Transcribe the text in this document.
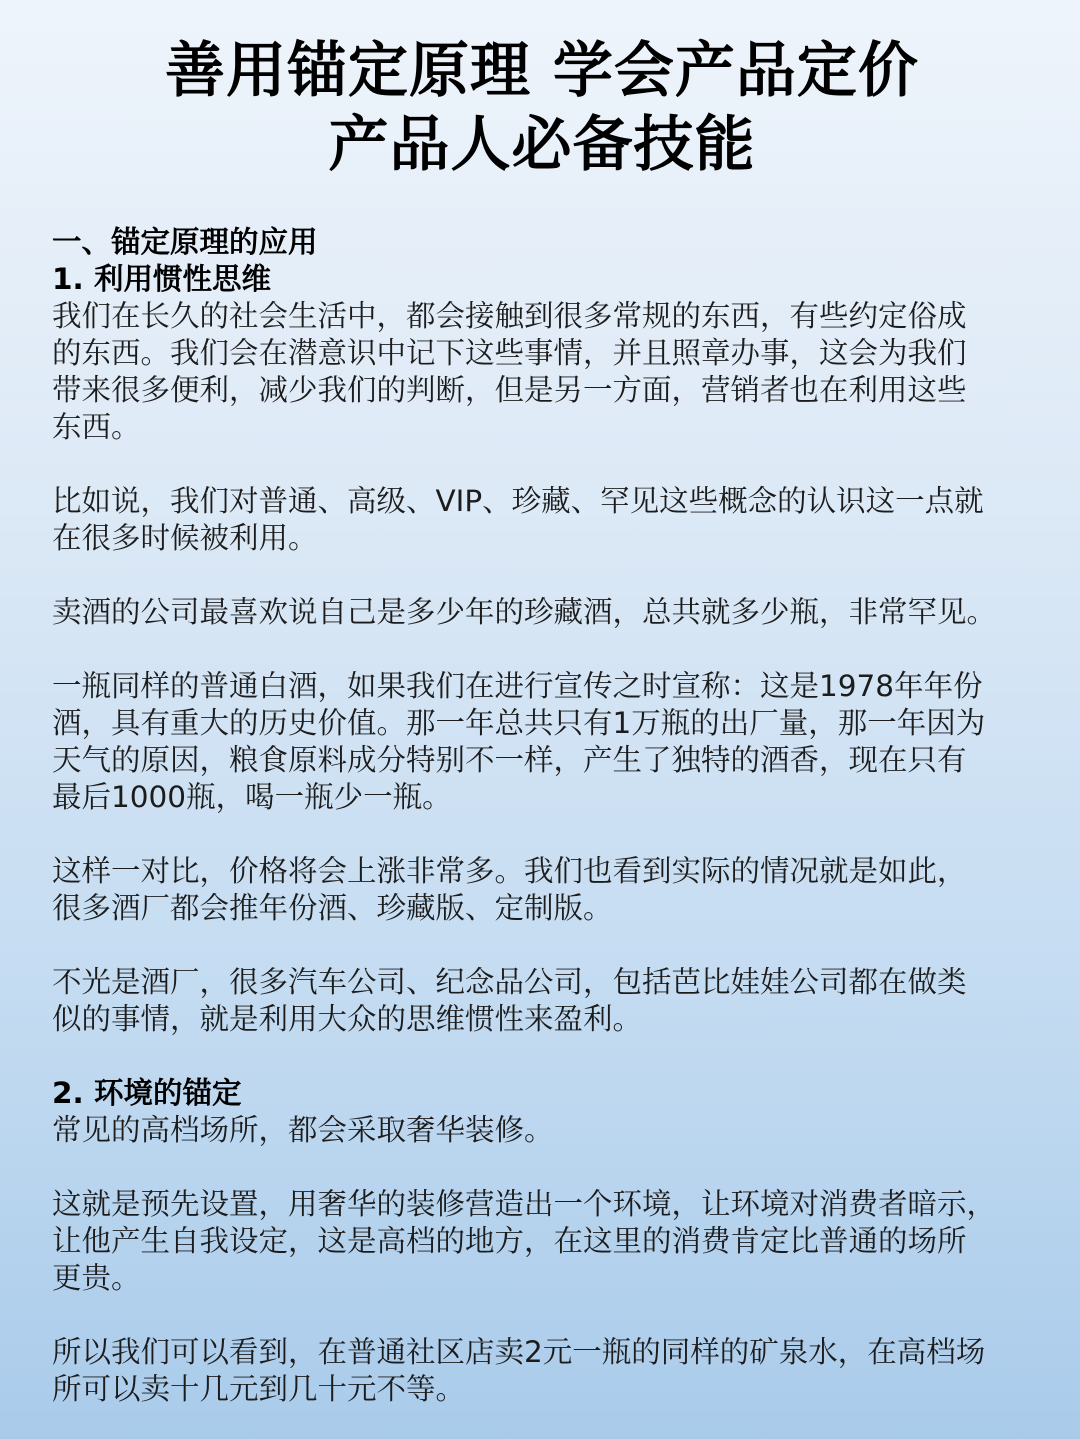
善用锚定原理 学会产品定价
产品人必备技能
一、锚定原理的应用
1. 利用惯性思维
我们在长久的社会生活中，都会接触到很多常规的东西，有些约定俗成
的东西。我们会在潜意识中记下这些事情，并且照章办事，这会为我们
带来很多便利，减少我们的判断，但是另一方面，营销者也在利用这些
东西。
比如说，我们对普通、高级、VIP、珍藏、罕见这些概念的认识这一点就
在很多时候被利用。
卖酒的公司最喜欢说自己是多少年的珍藏酒，总共就多少瓶，非常罕见。
一瓶同样的普通白酒，如果我们在进行宣传之时宣称：这是1978年年份
酒，具有重大的历史价值。那一年总共只有1万瓶的出厂量，那一年因为
天气的原因，粮食原料成分特别不一样，产生了独特的酒香，现在只有
最后1000瓶，喝一瓶少一瓶。
这样一对比，价格将会上涨非常多。我们也看到实际的情况就是如此，
很多酒厂都会推年份酒、珍藏版、定制版。
不光是酒厂，很多汽车公司、纪念品公司，包括芭比娃娃公司都在做类
似的事情，就是利用大众的思维惯性来盈利。
2. 环境的锚定
常见的高档场所，都会采取奢华装修。
这就是预先设置，用奢华的装修营造出一个环境，让环境对消费者暗示，
让他产生自我设定，这是高档的地方，在这里的消费肯定比普通的场所
更贵。
所以我们可以看到，在普通社区店卖2元一瓶的同样的矿泉水，在高档场
所可以卖十几元到几十元不等。
